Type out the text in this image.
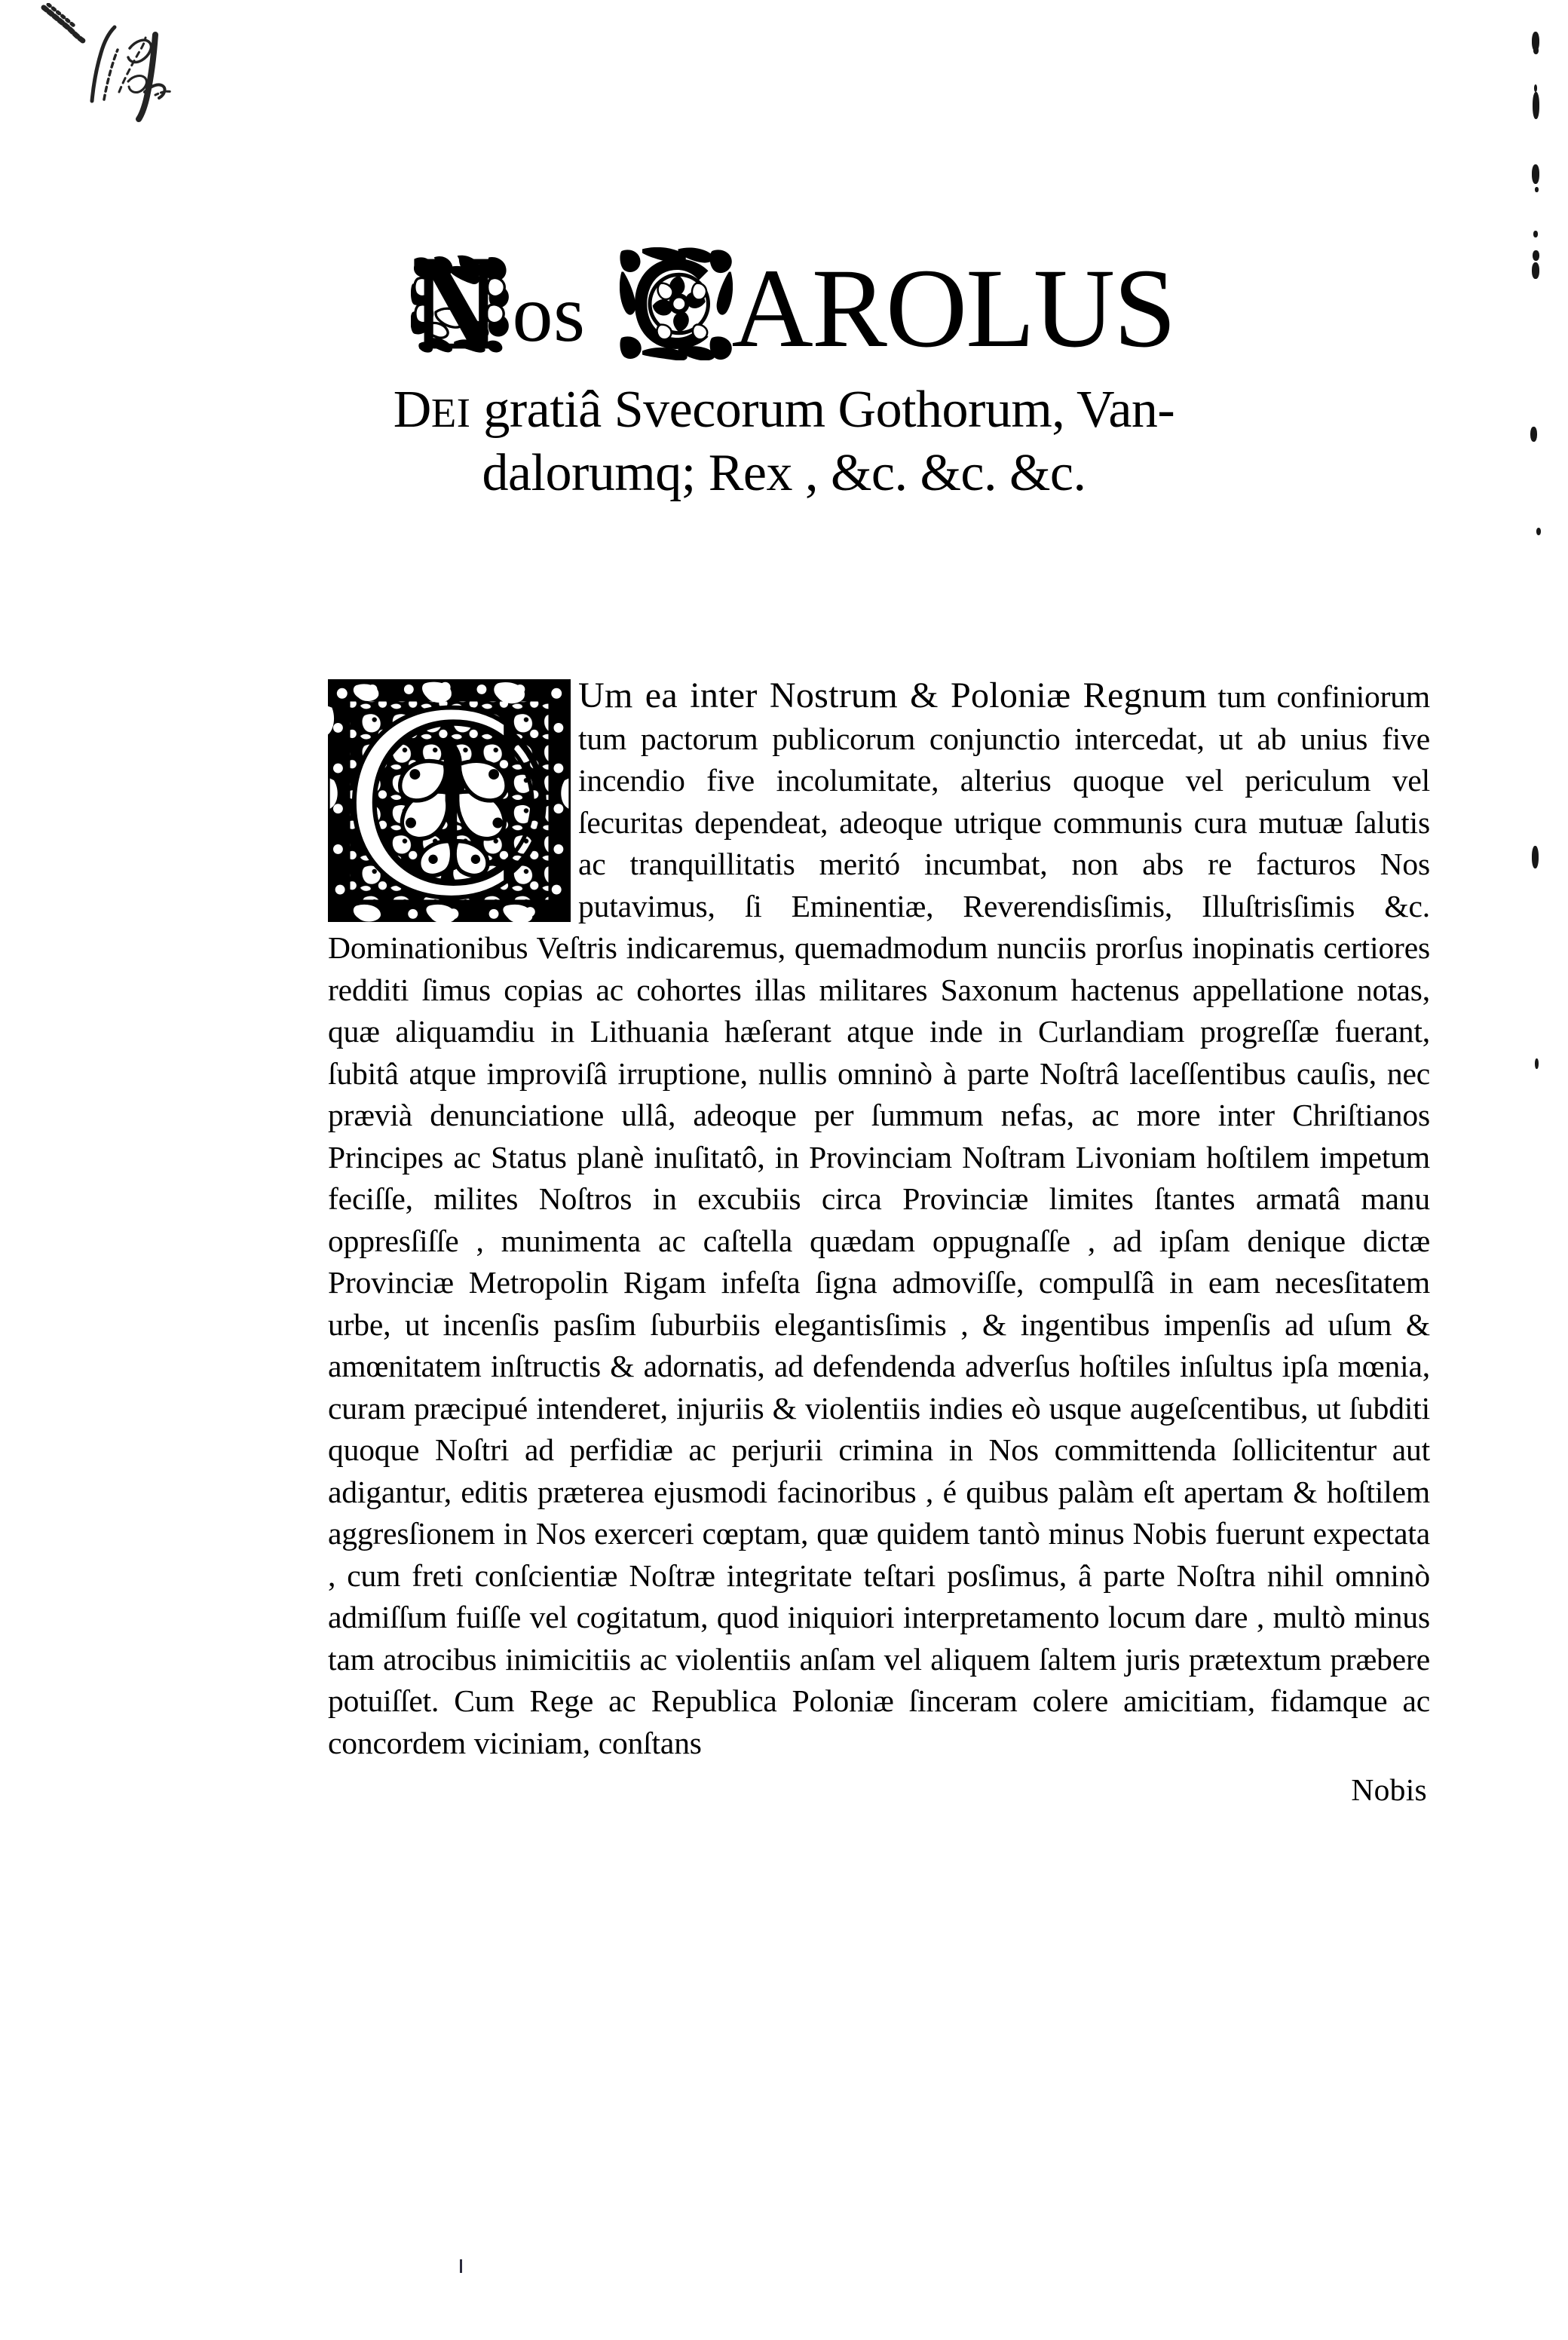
os AROLUS
DEI gratiâ Svecorum Gothorum, Van-
dalorumq; Rex , &c. &c. &c.
Um ea inter Nostrum & Poloniæ Regnum tum confiniorum tum pactorum publicorum conjunctio intercedat, ut ab unius five incendio five incolumitate, alterius quoque vel periculum vel ſecuritas dependeat, adeoque utrique communis cura mutuæ ſalutis ac tranquillitatis meritó incumbat, non abs re facturos Nos putavimus, ſi Eminentiæ, Reverendisſimis, Illuſtrisſimis &c. Dominationibus Veſtris indicaremus, quemadmodum nunciis prorſus inopinatis certiores redditi ſimus copias ac cohortes illas militares Saxonum hactenus appellatione notas, quæ aliquamdiu in Lithuania hæſerant atque inde in Curlandiam progreſſæ fuerant, ſubitâ atque improviſâ irruptione, nullis omninò à parte Noſtrâ laceſſentibus cauſis, nec prævià denunciatione ullâ, adeoque per ſummum nefas, ac more inter Chriſtianos Principes ac Status planè inuſitatô, in Provinciam Noſtram Livoniam hoſtilem impetum feciſſe, milites Noſtros in excubiis circa Provinciæ limites ſtantes armatâ manu oppresſiſſe , munimenta ac caſtella quædam oppugnaſſe , ad ipſam denique dictæ Provinciæ Metropolin Rigam infeſta ſigna admoviſſe, compulſâ in eam necesſitatem urbe, ut incenſis pasſim ſuburbiis elegantisſimis , & ingentibus impenſis ad uſum & amœnitatem inſtructis & adornatis, ad defendenda adverſus hoſtiles inſultus ipſa mœnia, curam præcipué intenderet, injuriis & violentiis indies eò usque augeſcentibus, ut ſubditi quoque Noſtri ad perfidiæ ac perjurii crimina in Nos committenda ſollicitentur aut adigantur, editis præterea ejusmodi facinoribus , é quibus palàm eſt apertam & hoſtilem aggresſionem in Nos exerceri cœptam, quæ quidem tantò minus Nobis fuerunt expectata , cum freti conſcientiæ Noſtræ integritate teſtari posſimus, â parte Noſtra nihil omninò admiſſum fuiſſe vel cogitatum, quod iniquiori interpretamento locum dare , multò minus tam atrocibus inimicitiis ac violentiis anſam vel aliquem ſaltem juris prætextum præbere potuiſſet. Cum Rege ac Republica Poloniæ ſinceram colere amicitiam, fidamque ac concordem viciniam, conſtans
Nobis
